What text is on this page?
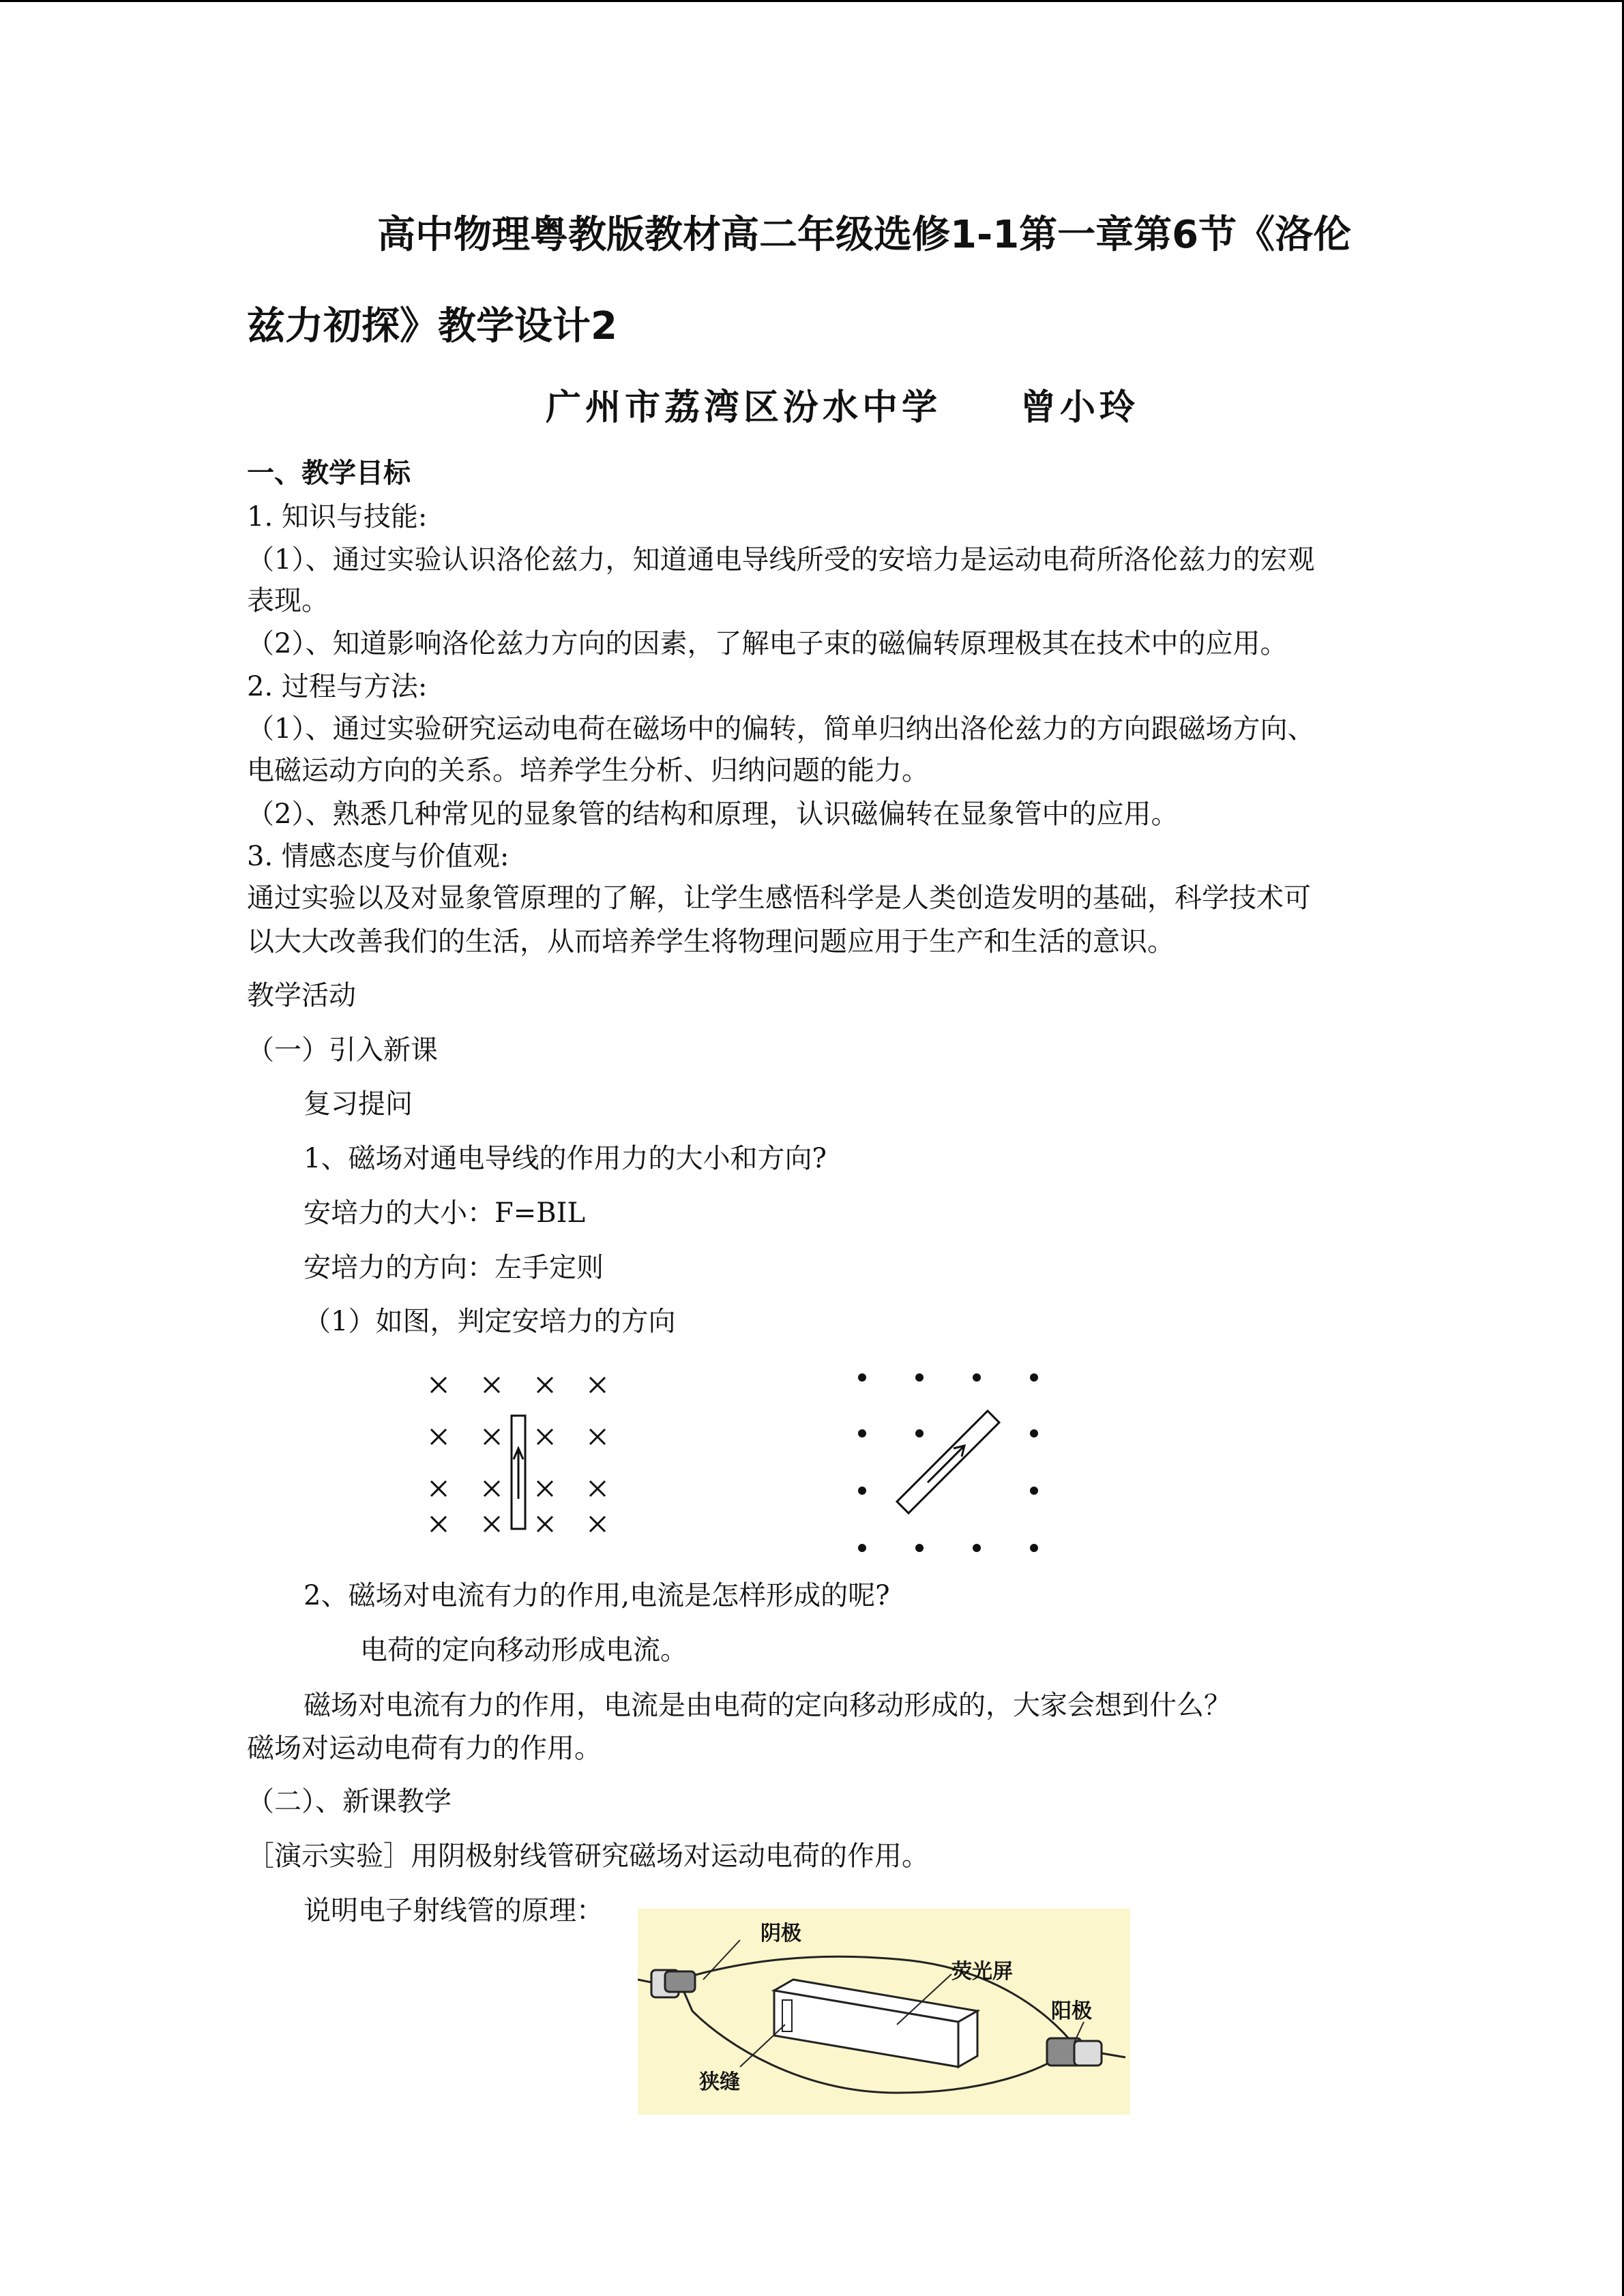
高中物理粤教版教材高二年级选修1-1第一章第6节《洛伦
兹力初探》教学设计2
广州市荔湾区汾水中学　　曾小玲
一、教学目标
1. 知识与技能:
（1）、通过实验认识洛伦兹力，知道通电导线所受的安培力是运动电荷所洛伦兹力的宏观
表现。
（2）、知道影响洛伦兹力方向的因素，了解电子束的磁偏转原理极其在技术中的应用。
2. 过程与方法:
（1）、通过实验研究运动电荷在磁场中的偏转，简单归纳出洛伦兹力的方向跟磁场方向、
电磁运动方向的关系。培养学生分析、归纳问题的能力。
（2）、熟悉几种常见的显象管的结构和原理，认识磁偏转在显象管中的应用。
3. 情感态度与价值观:
通过实验以及对显象管原理的了解，让学生感悟科学是人类创造发明的基础，科学技术可
以大大改善我们的生活，从而培养学生将物理问题应用于生产和生活的意识。
教学活动
（一）引入新课
复习提问
1、磁场对通电导线的作用力的大小和方向?
安培力的大小：F=BIL
安培力的方向：左手定则
（1）如图，判定安培力的方向
2、磁场对电流有力的作用,电流是怎样形成的呢?
电荷的定向移动形成电流。
磁场对电流有力的作用，电流是由电荷的定向移动形成的，大家会想到什么？
磁场对运动电荷有力的作用。
（二）、新课教学
［演示实验］用阴极射线管研究磁场对运动电荷的作用。
说明电子射线管的原理：
阴极
荧光屏
阳极
狭缝
